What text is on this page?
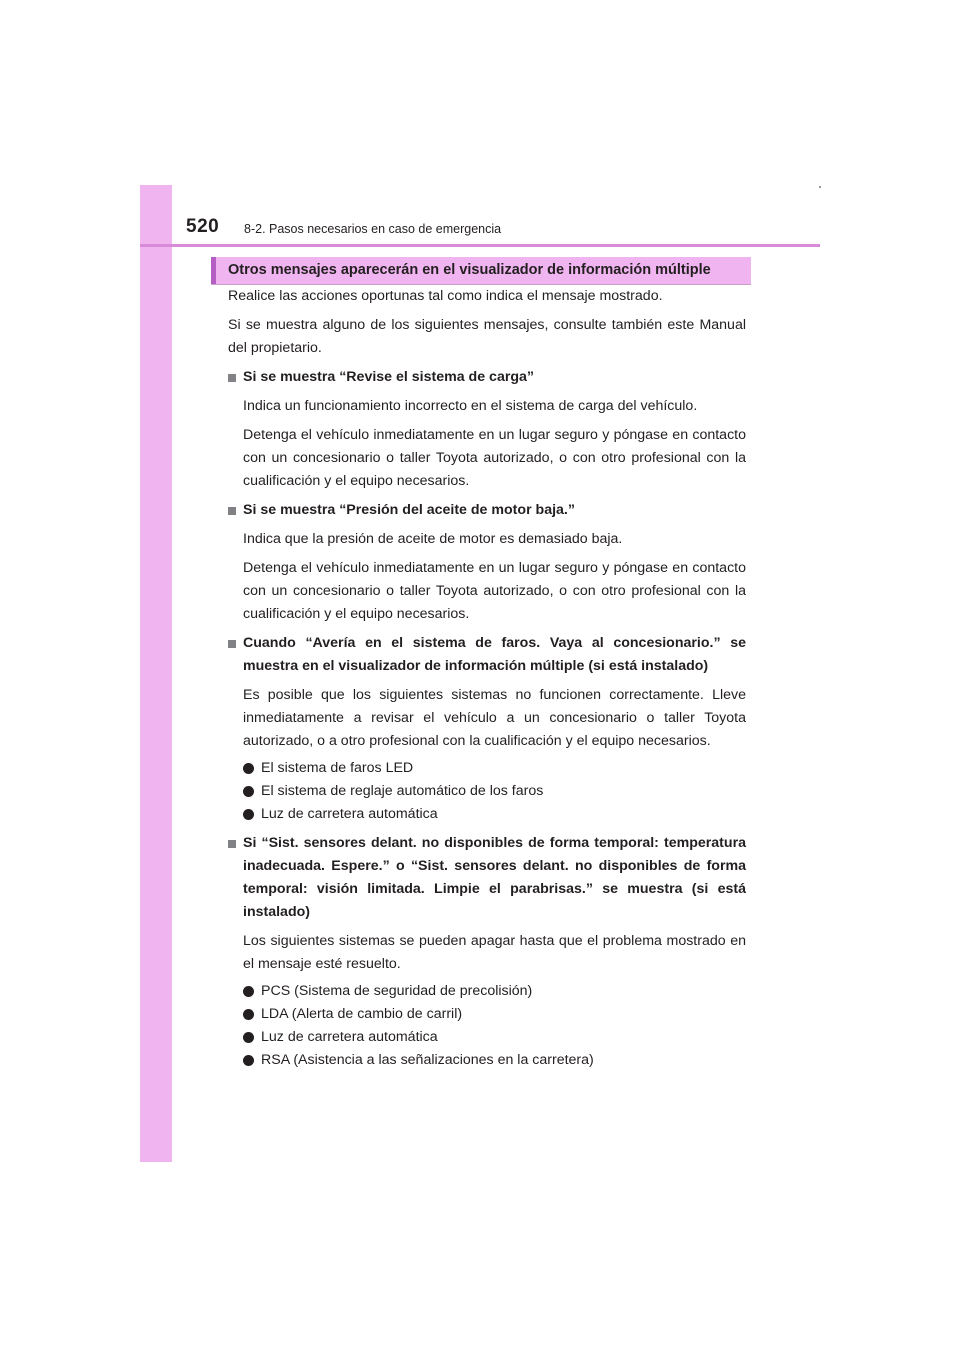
520 8-2. Pasos necesarios en caso de emergencia
Otros mensajes aparecerán en el visualizador de información múltiple

Realice las acciones oportunas tal como indica el mensaje mostrado.

Si se muestra alguno de los siguientes mensajes, consulte también este Manual del propietario.

Si se muestra “Revise el sistema de carga”

Indica un funcionamiento incorrecto en el sistema de carga del vehículo.

Detenga el vehículo inmediatamente en un lugar seguro y póngase en contacto con un concesionario o taller Toyota autorizado, o con otro profesional con la cualificación y el equipo necesarios.

Si se muestra “Presión del aceite de motor baja.”

Indica que la presión de aceite de motor es demasiado baja.

Detenga el vehículo inmediatamente en un lugar seguro y póngase en contacto con un concesionario o taller Toyota autorizado, o con otro profesional con la cualificación y el equipo necesarios.

Cuando “Avería en el sistema de faros. Vaya al concesionario.” se muestra en el visualizador de información múltiple (si está instalado)

Es posible que los siguientes sistemas no funcionen correctamente. Lleve inmediatamente a revisar el vehículo a un concesionario o taller Toyota autorizado, o a otro profesional con la cualificación y el equipo necesarios.

El sistema de faros LED
El sistema de reglaje automático de los faros
Luz de carretera automática
Si “Sist. sensores delant. no disponibles de forma temporal: temperatura inadecuada. Espere.” o “Sist. sensores delant. no disponibles de forma temporal: visión limitada. Limpie el parabrisas.” se muestra (si está instalado)

Los siguientes sistemas se pueden apagar hasta que el problema mostrado en el mensaje esté resuelto.

PCS (Sistema de seguridad de precolisión)
LDA (Alerta de cambio de carril)
Luz de carretera automática
RSA (Asistencia a las señalizaciones en la carretera)
